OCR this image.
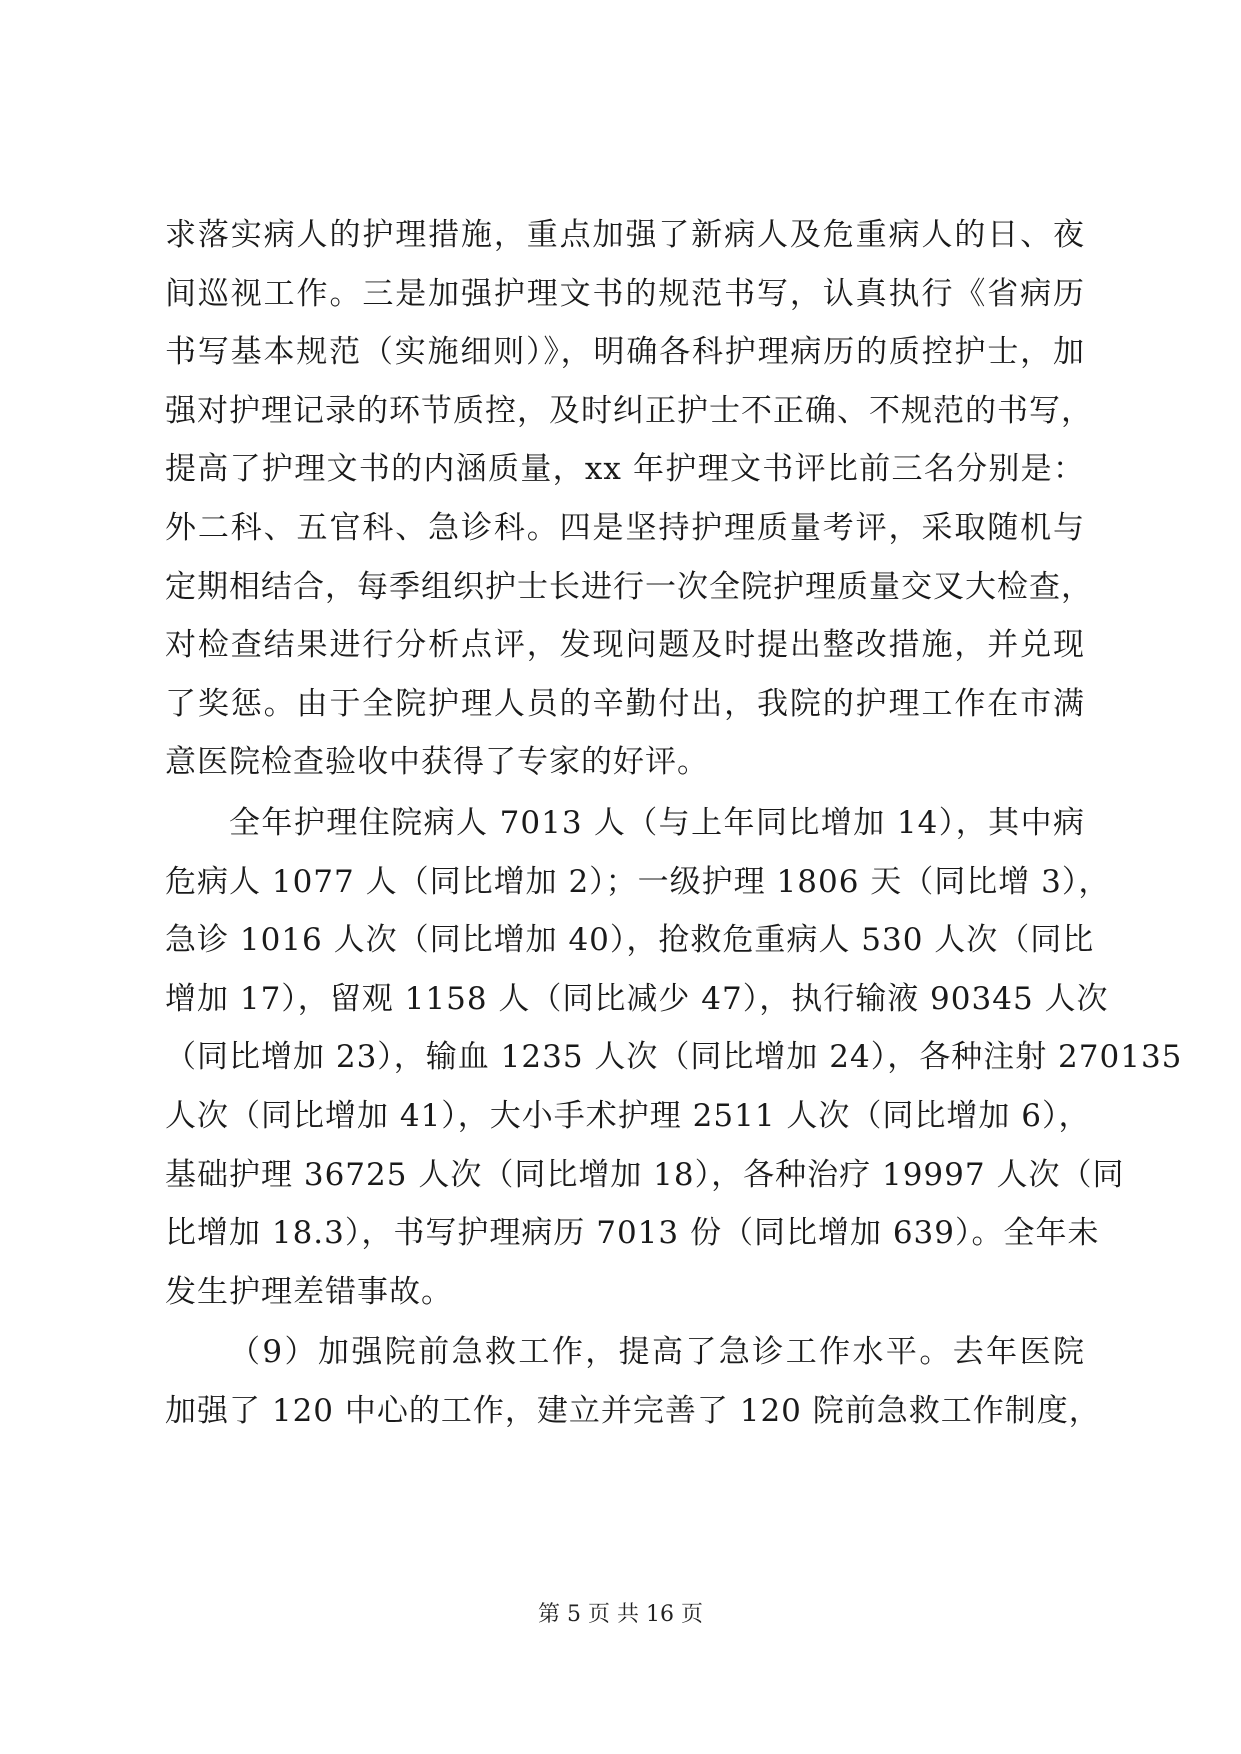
求落实病人的护理措施，重点加强了新病人及危重病人的日、夜
间巡视工作。三是加强护理文书的规范书写，认真执行《省病历
书写基本规范（实施细则）》，明确各科护理病历的质控护士，加
强对护理记录的环节质控，及时纠正护士不正确、不规范的书写，
提高了护理文书的内涵质量，xx 年护理文书评比前三名分别是：
外二科、五官科、急诊科。四是坚持护理质量考评，采取随机与
定期相结合，每季组织护士长进行一次全院护理质量交叉大检查，
对检查结果进行分析点评，发现问题及时提出整改措施，并兑现
了奖惩。由于全院护理人员的辛勤付出，我院的护理工作在市满
意医院检查验收中获得了专家的好评。
全年护理住院病人 7013 人（与上年同比增加 14），其中病
危病人 1077 人（同比增加 2）；一级护理 1806 天（同比增 3），
急诊 1016 人次（同比增加 40），抢救危重病人 530 人次（同比
增加 17），留观 1158 人（同比减少 47），执行输液 90345 人次
（同比增加 23），输血 1235 人次（同比增加 24），各种注射 270135
人次（同比增加 41），大小手术护理 2511 人次（同比增加 6），
基础护理 36725 人次（同比增加 18），各种治疗 19997 人次（同
比增加 18.3），书写护理病历 7013 份（同比增加 639）。全年未
发生护理差错事故。
（9）加强院前急救工作，提高了急诊工作水平。去年医院
加强了 120 中心的工作，建立并完善了 120 院前急救工作制度，
第 5 页 共 16 页
